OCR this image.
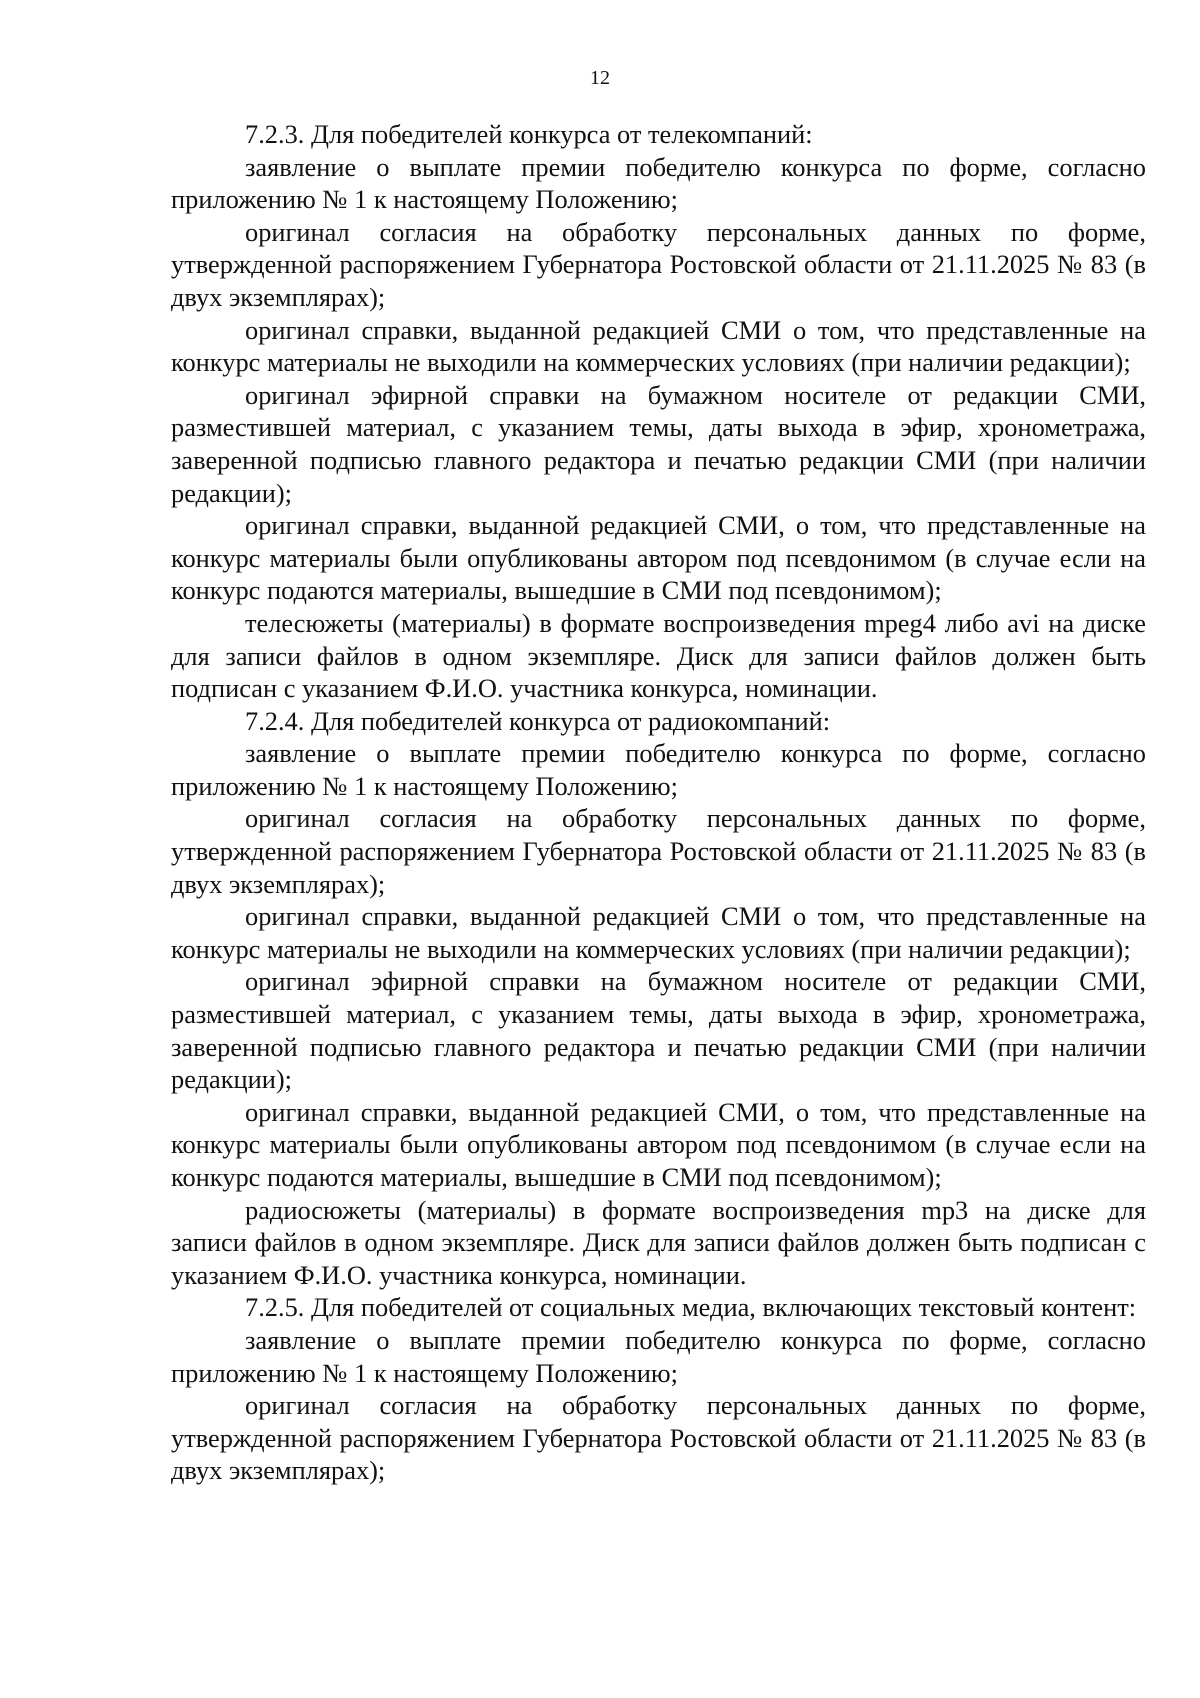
12

7.2.3. Для победителей конкурса от телекомпаний:

заявление о выплате премии победителю конкурса по форме, согласно приложению № 1 к настоящему Положению;

оригинал согласия на обработку персональных данных по форме, утвержденной распоряжением Губернатора Ростовской области от 21.11.2025 № 83 (в двух экземплярах);

оригинал справки, выданной редакцией СМИ о том, что представленные на конкурс материалы не выходили на коммерческих условиях (при наличии редакции);

оригинал эфирной справки на бумажном носителе от редакции СМИ, разместившей материал, с указанием темы, даты выхода в эфир, хронометража, заверенной подписью главного редактора и печатью редакции СМИ (при наличии редакции);

оригинал справки, выданной редакцией СМИ, о том, что представленные на конкурс материалы были опубликованы автором под псевдонимом (в случае если на конкурс подаются материалы, вышедшие в СМИ под псевдонимом);

телесюжеты (материалы) в формате воспроизведения mpeg4 либо avi на диске для записи файлов в одном экземпляре. Диск для записи файлов должен быть подписан с указанием Ф.И.О. участника конкурса, номинации.

7.2.4. Для победителей конкурса от радиокомпаний:

заявление о выплате премии победителю конкурса по форме, согласно приложению № 1 к настоящему Положению;

оригинал согласия на обработку персональных данных по форме, утвержденной распоряжением Губернатора Ростовской области от 21.11.2025 № 83 (в двух экземплярах);

оригинал справки, выданной редакцией СМИ о том, что представленные на конкурс материалы не выходили на коммерческих условиях (при наличии редакции);

оригинал эфирной справки на бумажном носителе от редакции СМИ, разместившей материал, с указанием темы, даты выхода в эфир, хронометража, заверенной подписью главного редактора и печатью редакции СМИ (при наличии редакции);

оригинал справки, выданной редакцией СМИ, о том, что представленные на конкурс материалы были опубликованы автором под псевдонимом (в случае если на конкурс подаются материалы, вышедшие в СМИ под псевдонимом);

радиосюжеты (материалы) в формате воспроизведения mp3 на диске для записи файлов в одном экземпляре. Диск для записи файлов должен быть подписан с указанием Ф.И.О. участника конкурса, номинации.

7.2.5. Для победителей от социальных медиа, включающих текстовый контент:

заявление о выплате премии победителю конкурса по форме, согласно приложению № 1 к настоящему Положению;

оригинал согласия на обработку персональных данных по форме, утвержденной распоряжением Губернатора Ростовской области от 21.11.2025 № 83 (в двух экземплярах);
